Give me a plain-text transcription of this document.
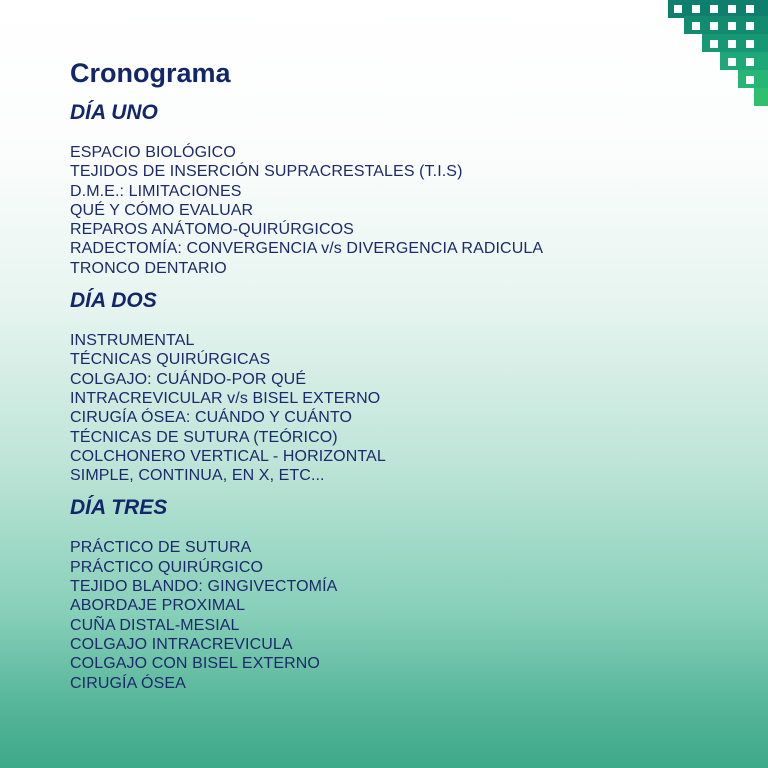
Cronograma
DÍA UNO
ESPACIO BIOLÓGICO
TEJIDOS DE INSERCIÓN SUPRACRESTALES (T.I.S)
D.M.E.: LIMITACIONES
QUÉ Y CÓMO EVALUAR
REPAROS ANÁTOMO-QUIRÚRGICOS
RADECTOMÍA: CONVERGENCIA v/s DIVERGENCIA RADICULA
TRONCO DENTARIO
DÍA DOS
INSTRUMENTAL
TÉCNICAS QUIRÚRGICAS
COLGAJO: CUÁNDO-POR QUÉ
INTRACREVICULAR v/s BISEL EXTERNO
CIRUGÍA ÓSEA: CUÁNDO Y CUÁNTO
TÉCNICAS DE SUTURA (TEÓRICO)
COLCHONERO VERTICAL - HORIZONTAL
SIMPLE, CONTINUA, EN X, ETC...
DÍA TRES
PRÁCTICO DE SUTURA
PRÁCTICO QUIRÚRGICO
TEJIDO BLANDO: GINGIVECTOMÍA
ABORDAJE PROXIMAL
CUÑA DISTAL-MESIAL
COLGAJO INTRACREVICULA
COLGAJO CON BISEL EXTERNO
CIRUGÍA ÓSEA
